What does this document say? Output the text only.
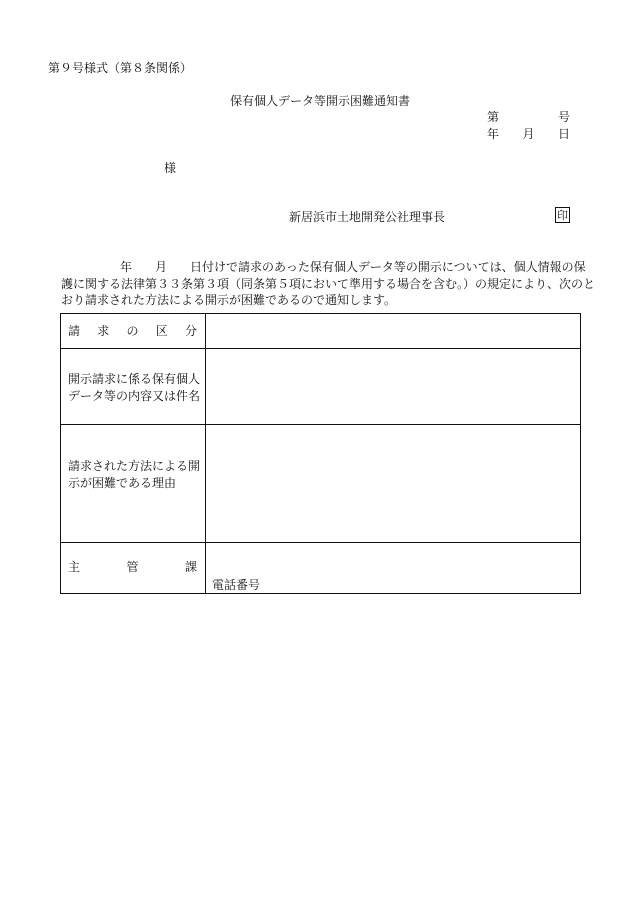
第９号様式（第８条関係）
保有個人データ等開示困難通知書
第	号
年 月 日
様
新居浜市土地開発公社理事長	印
年 月 日付けで請求のあった保有個人データ等の開示については、個人情報の保
護に関する法律第３３条第３項（同条第５項において準用する場合を含む。）の規定により、次のと
おり請求された方法による開示が困難であるので通知します。
請 求 の 区 分	

開示請求に係る保有個人
データ等の内容又は件名	

請求された方法による開
示が困難である理由	

主 管 課	電話番号
